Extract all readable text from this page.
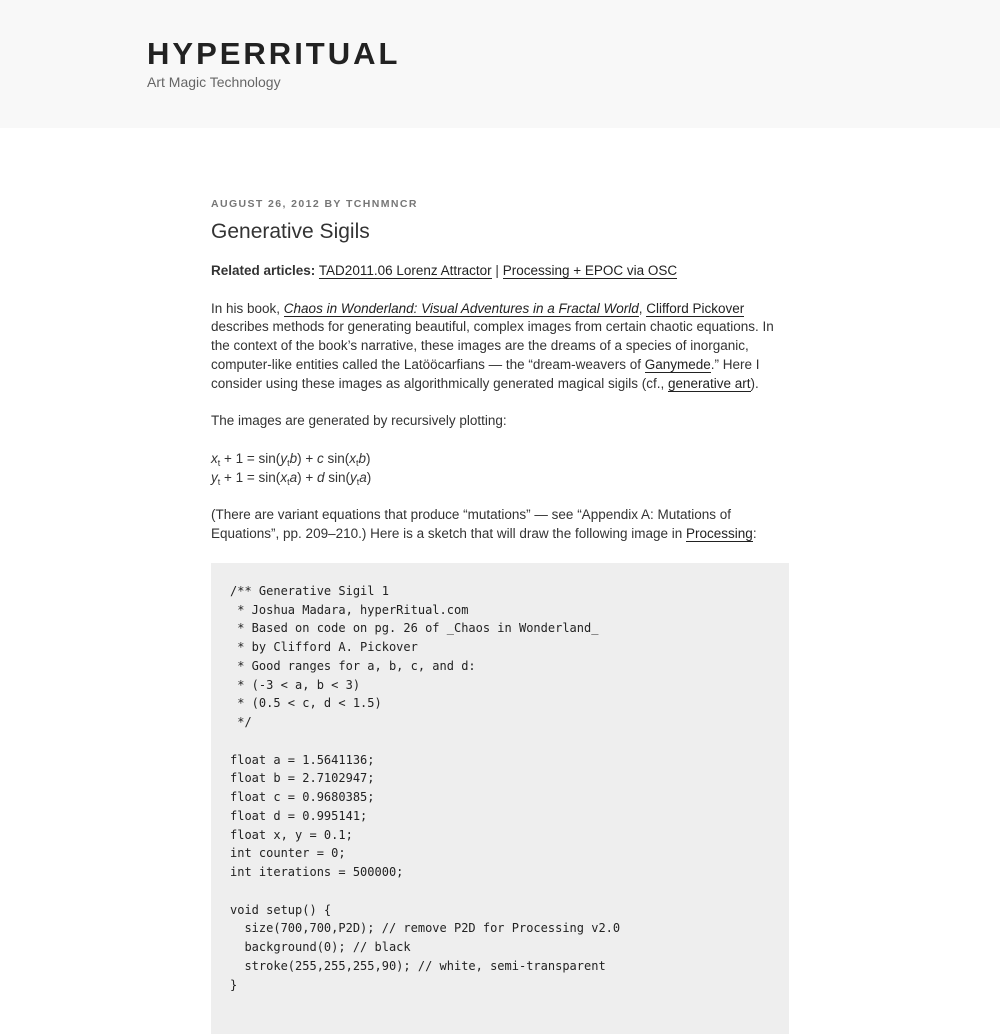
HYPERRITUAL

Art Magic Technology

AUGUST 26, 2012 BY TCHNMNCR
Generative Sigils

Related articles: TAD2011.06 Lorenz Attractor | Processing + EPOC via OSC

In his book, Chaos in Wonderland: Visual Adventures in a Fractal World, Clifford Pickover describes methods for generating beautiful, complex images from certain chaotic equations. In the context of the book’s narrative, these images are the dreams of a species of inorganic, computer-like entities called the Latööcarfians — the “dream-weavers of Ganymede.” Here I consider using these images as algorithmically generated magical sigils (cf., generative art).

The images are generated by recursively plotting:

$x_t + 1 = \sin(y_tb) + c$ $\sin(x_tb)$
$y_t + 1 = \sin(x_ta) + d$ $\sin(y_ta)$

(There are variant equations that produce “mutations” — see “Appendix A: Mutations of Equations”, pp. 209–210.) Here is a sketch that will draw the following image in Processing:

/** Generative Sigil 1
* Joshua Madara, hyperRitual.com
* Based on code on pg. 26 of _Chaos in Wonderland_
* by Clifford A. Pickover
* Good ranges for a, b, c, and d:
* (-3 < a, b < 3)
* (0.5 < c, d < 1.5)
*/

float a = 1.5641136;
float b = 2.7102947;
float c = 0.9680385;
float d = 0.995141;
float x, y = 0.1;
int counter = 0;
int iterations = 500000;

void setup() {
size(700,700,P2D); // remove P2D for Processing v2.0
background(0); // black
stroke(255,255,255,90); // white, semi-transparent
}
